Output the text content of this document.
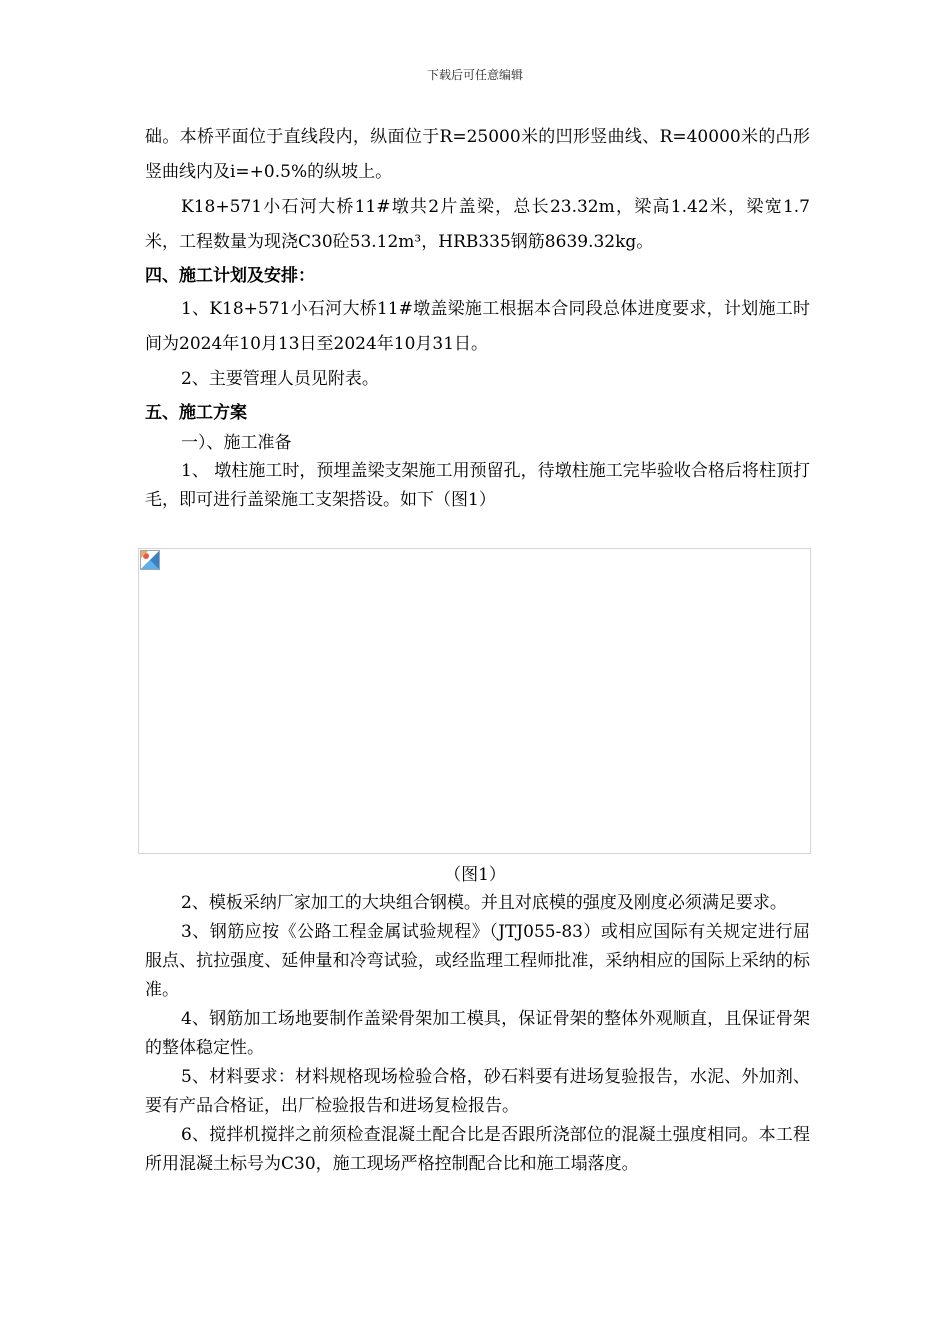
下载后可任意编辑

础。本桥平面位于直线段内，纵面位于R=25000米的凹形竖曲线、R=40000米的凸形竖曲线内及i=+0.5%的纵坡上。

K18+571小石河大桥11#墩共2片盖梁，总长23.32m，梁高1.42米，梁宽1.7米，工程数量为现浇C30砼53.12m³，HRB335钢筋8639.32kg。

四、施工计划及安排：

1、K18+571小石河大桥11#墩盖梁施工根据本合同段总体进度要求，计划施工时间为2024年10月13日至2024年10月31日。

2、主要管理人员见附表。

五、施工方案

一）、施工准备

1、 墩柱施工时，预埋盖梁支架施工用预留孔，待墩柱施工完毕验收合格后将柱顶打毛，即可进行盖梁施工支架搭设。如下（图1）

（图1）

2、模板采纳厂家加工的大块组合钢模。并且对底模的强度及刚度必须满足要求。

3、钢筋应按《公路工程金属试验规程》（JTJ055-83）或相应国际有关规定进行屈服点、抗拉强度、延伸量和冷弯试验，或经监理工程师批准，采纳相应的国际上采纳的标准。

4、钢筋加工场地要制作盖梁骨架加工模具，保证骨架的整体外观顺直，且保证骨架的整体稳定性。

5、材料要求：材料规格现场检验合格，砂石料要有进场复验报告，水泥、外加剂、要有产品合格证，出厂检验报告和进场复检报告。

6、搅拌机搅拌之前须检查混凝土配合比是否跟所浇部位的混凝土强度相同。本工程所用混凝土标号为C30，施工现场严格控制配合比和施工塌落度。
